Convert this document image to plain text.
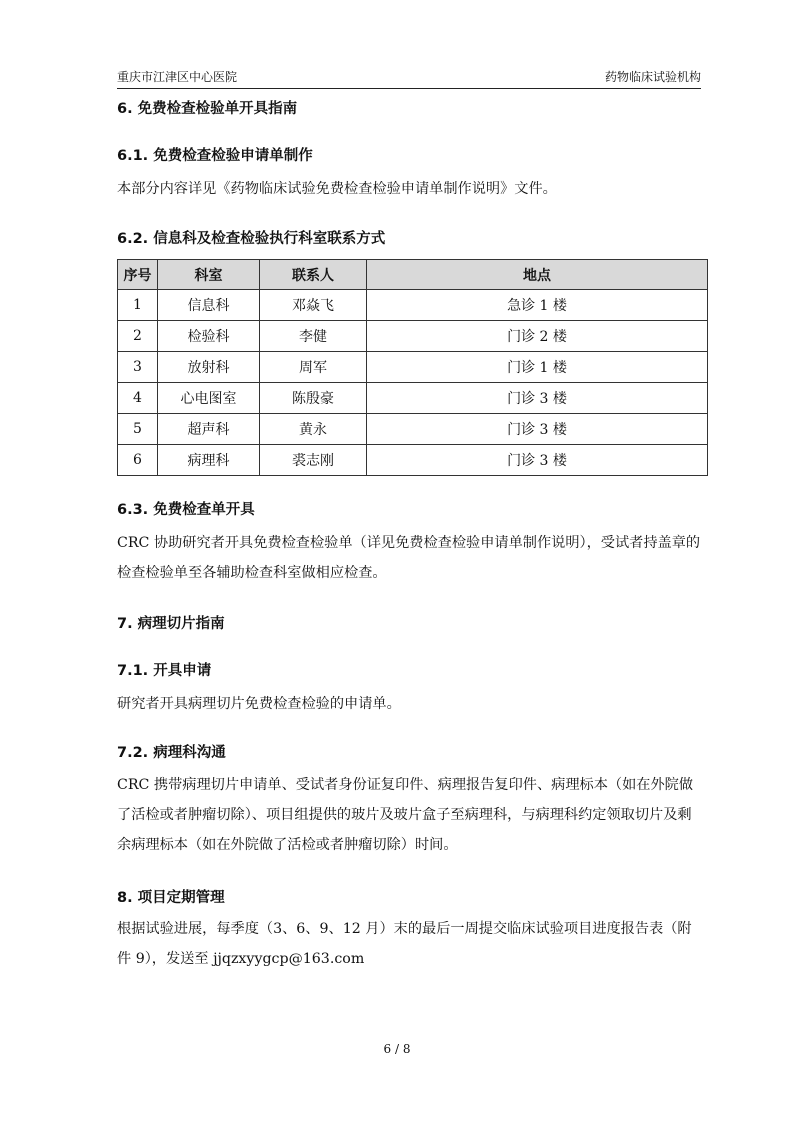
重庆市江津区中心医院	药物临床试验机构
6. 免费检查检验单开具指南
6.1. 免费检查检验申请单制作

本部分内容详见《药物临床试验免费检查检验申请单制作说明》文件。

6.2. 信息科及检查检验执行科室联系方式
序号	科室	联系人	地点
1	信息科	邓焱飞	急诊 1 楼
2	检验科	李健	门诊 2 楼
3	放射科	周军	门诊 1 楼
4	心电图室	陈殷豪	门诊 3 楼
5	超声科	黄永	门诊 3 楼
6	病理科	裘志刚	门诊 3 楼
6.3. 免费检查单开具

CRC 协助研究者开具免费检查检验单（详见免费检查检验申请单制作说明），受试者持盖章的检查检验单至各辅助检查科室做相应检查。

7. 病理切片指南
7.1. 开具申请

研究者开具病理切片免费检查检验的申请单。

7.2. 病理科沟通

CRC 携带病理切片申请单、受试者身份证复印件、病理报告复印件、病理标本（如在外院做了活检或者肿瘤切除）、项目组提供的玻片及玻片盒子至病理科，与病理科约定领取切片及剩余病理标本（如在外院做了活检或者肿瘤切除）时间。

8. 项目定期管理

根据试验进展，每季度（3、6、9、12 月）末的最后一周提交临床试验项目进度报告表（附件 9），发送至 jjqzxyygcp@163.com

6 / 8
